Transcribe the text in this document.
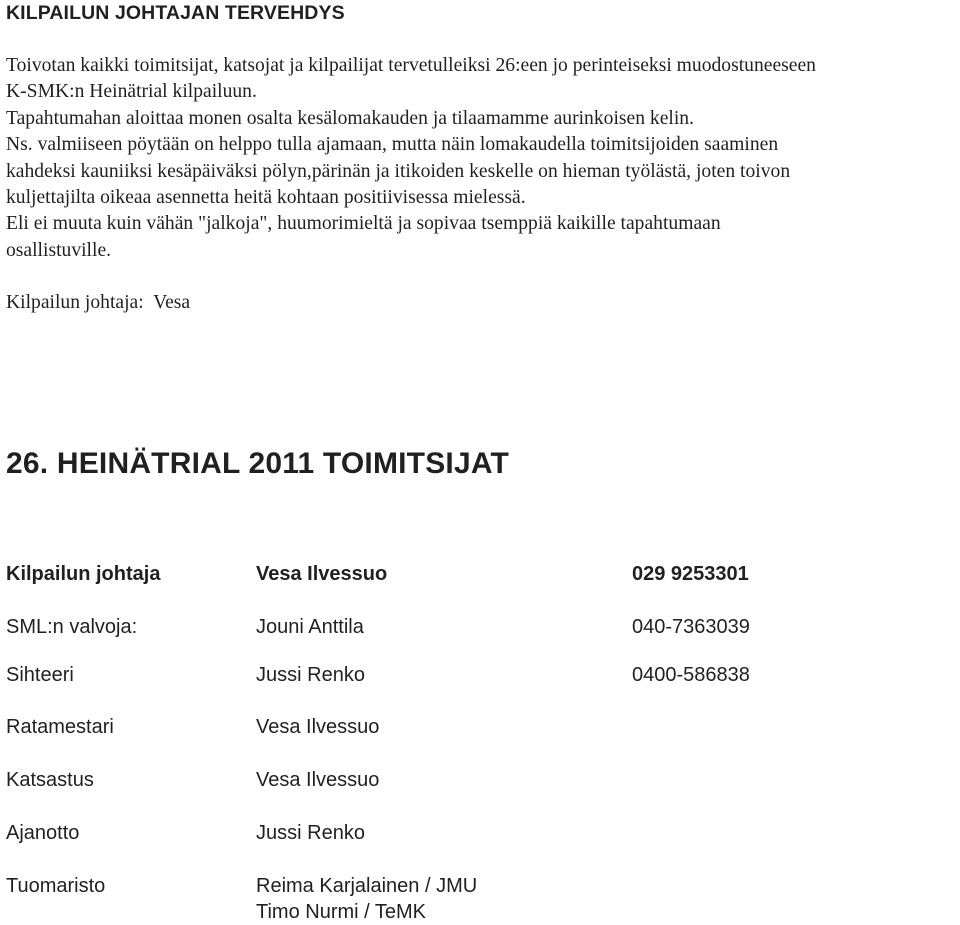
KILPAILUN JOHTAJAN TERVEHDYS
Toivotan kaikki toimitsijat, katsojat ja kilpailijat tervetulleiksi 26:een jo perinteiseksi muodostuneeseen
K-SMK:n Heinätrial kilpailuun.
Tapahtumahan aloittaa monen osalta kesälomakauden ja tilaamamme aurinkoisen kelin.
Ns. valmiiseen pöytään on helppo tulla ajamaan, mutta näin lomakaudella toimitsijoiden saaminen
kahdeksi kauniiksi kesäpäiväksi pölyn,pärinän ja itikoiden keskelle on hieman työlästä, joten toivon
kuljettajilta oikeaa asennetta heitä kohtaan positiivisessa mielessä.
Eli ei muuta kuin vähän "jalkoja", huumorimieltä ja sopivaa tsemppiä kaikille tapahtumaan
osallistuville.
Kilpailun johtaja:  Vesa
26. HEINÄTRIAL 2011 TOIMITSIJAT
Kilpailun johtaja	Vesa Ilvessuo	029 9253301
SML:n valvoja:	Jouni Anttila	040-7363039
Sihteeri	Jussi Renko	0400-586838
Ratamestari	Vesa Ilvessuo
Katsastus	Vesa Ilvessuo
Ajanotto	Jussi Renko
Tuomaristo	Reima Karjalainen / JMU
Timo Nurmi / TeMK
